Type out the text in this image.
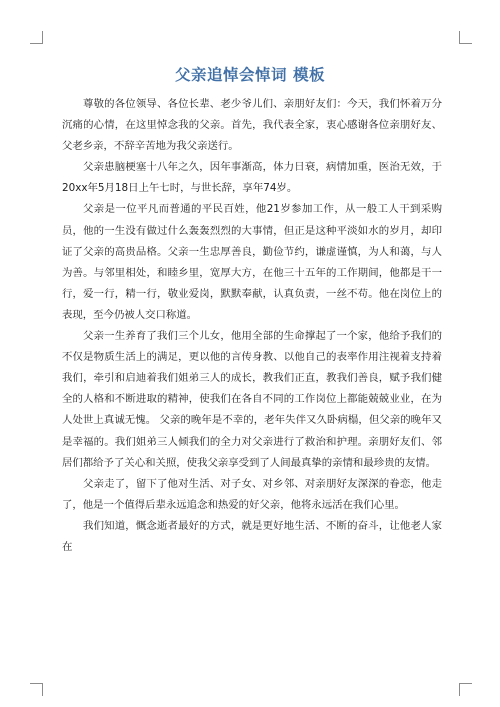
父亲追悼会悼词 模板

尊敬的各位领导、各位长辈、老少爷儿们、亲朋好友们：今天，我们怀着万分沉痛的心情，在这里悼念我的父亲。首先，我代表全家，衷心感谢各位亲朋好友、父老乡亲，不辞辛苦地为我父亲送行。

父亲患脑梗塞十八年之久，因年事渐高，体力日衰，病情加重，医治无效，于20xx年5月18日上午七时，与世长辞，享年74岁。

父亲是一位平凡而普通的平民百姓，他21岁参加工作，从一般工人干到采购员，他的一生没有做过什么轰轰烈烈的大事情，但正是这种平淡如水的岁月，却印证了父亲的高贵品格。父亲一生忠厚善良，勤俭节约，谦虚谨慎，为人和蔼，与人为善。与邻里相处，和睦乡里，宽厚大方，在他三十五年的工作期间，他都是干一行，爱一行，精一行，敬业爱岗，默默奉献，认真负责，一丝不苟。他在岗位上的表现，至今仍被人交口称道。

父亲一生养育了我们三个儿女，他用全部的生命撑起了一个家，他给予我们的不仅是物质生活上的满足，更以他的言传身教、以他自己的表率作用注视着支持着我们，牵引和启迪着我们姐弟三人的成长，教我们正直，教我们善良，赋予我们健全的人格和不断进取的精神，使我们在各自不同的工作岗位上都能兢兢业业，在为人处世上真诚无愧。 父亲的晚年是不幸的，老年失伴又久卧病榻，但父亲的晚年又是幸福的。我们姐弟三人倾我们的全力对父亲进行了救治和护理。亲朋好友们、邻居们都给予了关心和关照，使我父亲享受到了人间最真挚的亲情和最珍贵的友情。

父亲走了，留下了他对生活、对子女、对乡邻、对亲朋好友深深的眷恋，他走了，他是一个值得后辈永远追念和热爱的好父亲，他将永远活在我们心里。

我们知道，慨念逝者最好的方式，就是更好地生活、不断的奋斗，让他老人家在
